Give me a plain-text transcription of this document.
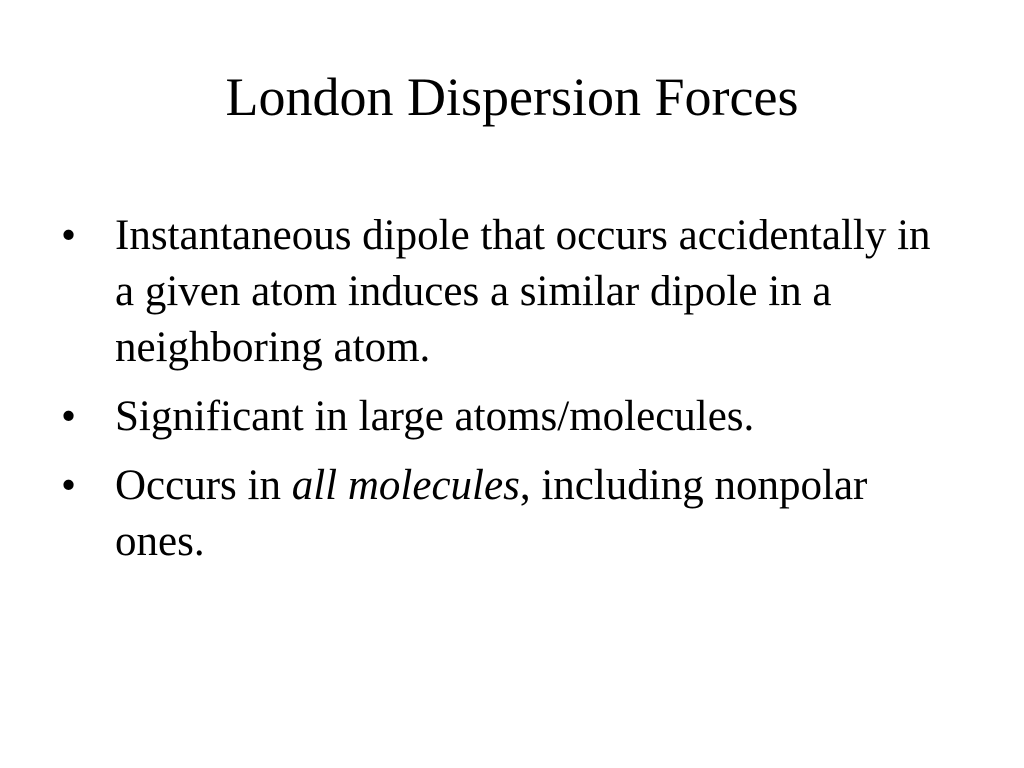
London Dispersion Forces
• Instantaneous dipole that occurs accidentally in a given atom induces a similar dipole in a neighboring atom.
• Significant in large atoms/molecules.
• Occurs in all molecules, including nonpolar ones.
